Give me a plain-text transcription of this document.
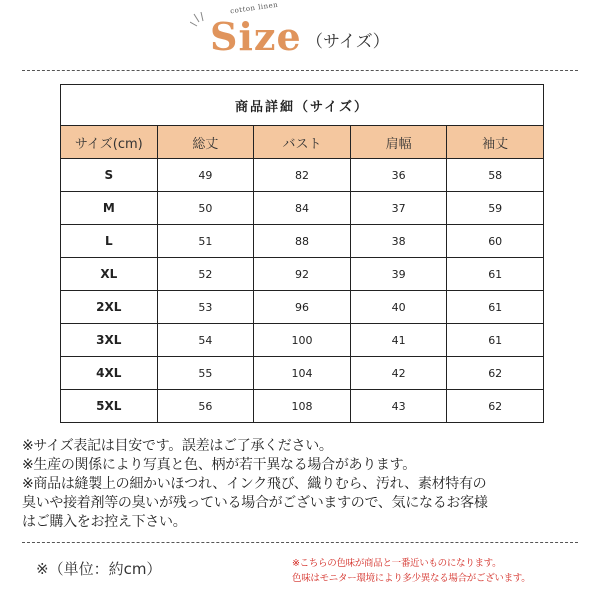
cotton linen
Size （サイズ）
商品詳細（サイズ）				
サイズ(cm)	総丈	バスト	肩幅	袖丈
S	49	82	36	58
M	50	84	37	59
L	51	88	38	60
XL	52	92	39	61
2XL	53	96	40	61
3XL	54	100	41	61
4XL	55	104	42	62
5XL	56	108	43	62
※サイズ表記は目安です。誤差はご了承ください。
※生産の関係により写真と色、柄が若干異なる場合があります。
※商品は縫製上の細かいほつれ、インク飛び、織りむら、汚れ、素材特有の
臭いや接着剤等の臭いが残っている場合がございますので、気になるお客様
はご購入をお控え下さい。
※（単位：約cm）	※こちらの色味が商品と一番近いものになります。
色味はモニター環境により多少異なる場合がございます。
